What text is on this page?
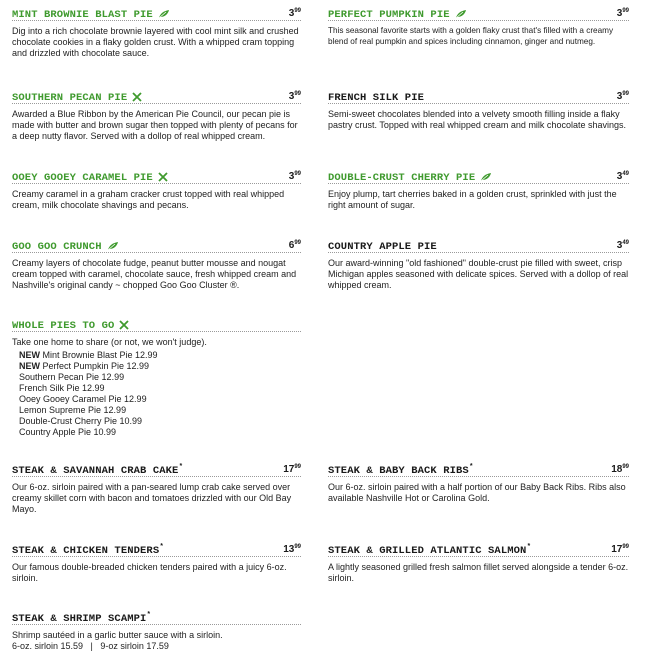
MINT BROWNIE BLAST PIE	$3^{99}$
Dig into a rich chocolate brownie layered with cool mint silk and crushed chocolate cookies in a flaky golden crust. With a whipped cram topping and drizzled with chocolate sauce.
SOUTHERN PECAN PIE	$3^{99}$
Awarded a Blue Ribbon by the American Pie Council, our pecan pie is made with butter and brown sugar then topped with plenty of pecans for a deep nutty flavor. Served with a dollop of real whipped cream.
OOEY GOOEY CARAMEL PIE	$3^{99}$
Creamy caramel in a graham cracker crust topped with real whipped cream, milk chocolate shavings and pecans.
GOO GOO CRUNCH	$6^{99}$
Creamy layers of chocolate fudge, peanut butter mousse and nougat cream topped with caramel, chocolate sauce, fresh whipped cream and Nashville's original candy ~ chopped Goo Goo Cluster ®.
WHOLE PIES TO GO
Take one home to share (or not, we won't judge).
NEW Mint Brownie Blast Pie 12.99
NEW Perfect Pumpkin Pie 12.99
Southern Pecan Pie 12.99
French Silk Pie 12.99
Ooey Gooey Caramel Pie 12.99
Lemon Supreme Pie 12.99
Double-Crust Cherry Pie 10.99
Country Apple Pie 10.99
PERFECT PUMPKIN PIE	$3^{99}$
This seasonal favorite starts with a golden flaky crust that's filled with a creamy blend of real pumpkin and spices including cinnamon, ginger and nutmeg.
FRENCH SILK PIE	$3^{99}$
Semi-sweet chocolates blended into a velvety smooth filling inside a flaky pastry crust. Topped with real whipped cream and milk chocolate shavings.
DOUBLE-CRUST CHERRY PIE	$3^{49}$
Enjoy plump, tart cherries baked in a golden crust, sprinkled with just the right amount of sugar.
COUNTRY APPLE PIE	$3^{49}$
Our award-winning "old fashioned" double-crust pie filled with sweet, crisp Michigan apples seasoned with delicate spices. Served with a dollop of real whipped cream.
STEAK & SAVANNAH CRAB CAKE*	$17^{99}$
Our 6-oz. sirloin paired with a pan-seared lump crab cake served over creamy skillet corn with bacon and tomatoes drizzled with our Old Bay Mayo.
STEAK & CHICKEN TENDERS*	$13^{99}$
Our famous double-breaded chicken tenders paired with a juicy 6-oz. sirloin.
STEAK & SHRIMP SCAMPI*
Shrimp sautéed in a garlic butter sauce with a sirloin.
6-oz. sirloin 15.59   |   9-oz sirloin 17.59
STEAK & BABY BACK RIBS*	$18^{99}$
Our 6-oz. sirloin paired with a half portion of our Baby Back Ribs. Ribs also available Nashville Hot or Carolina Gold.
STEAK & GRILLED ATLANTIC SALMON*	$17^{99}$
A lightly seasoned grilled fresh salmon fillet served alongside a tender 6-oz. sirloin.
